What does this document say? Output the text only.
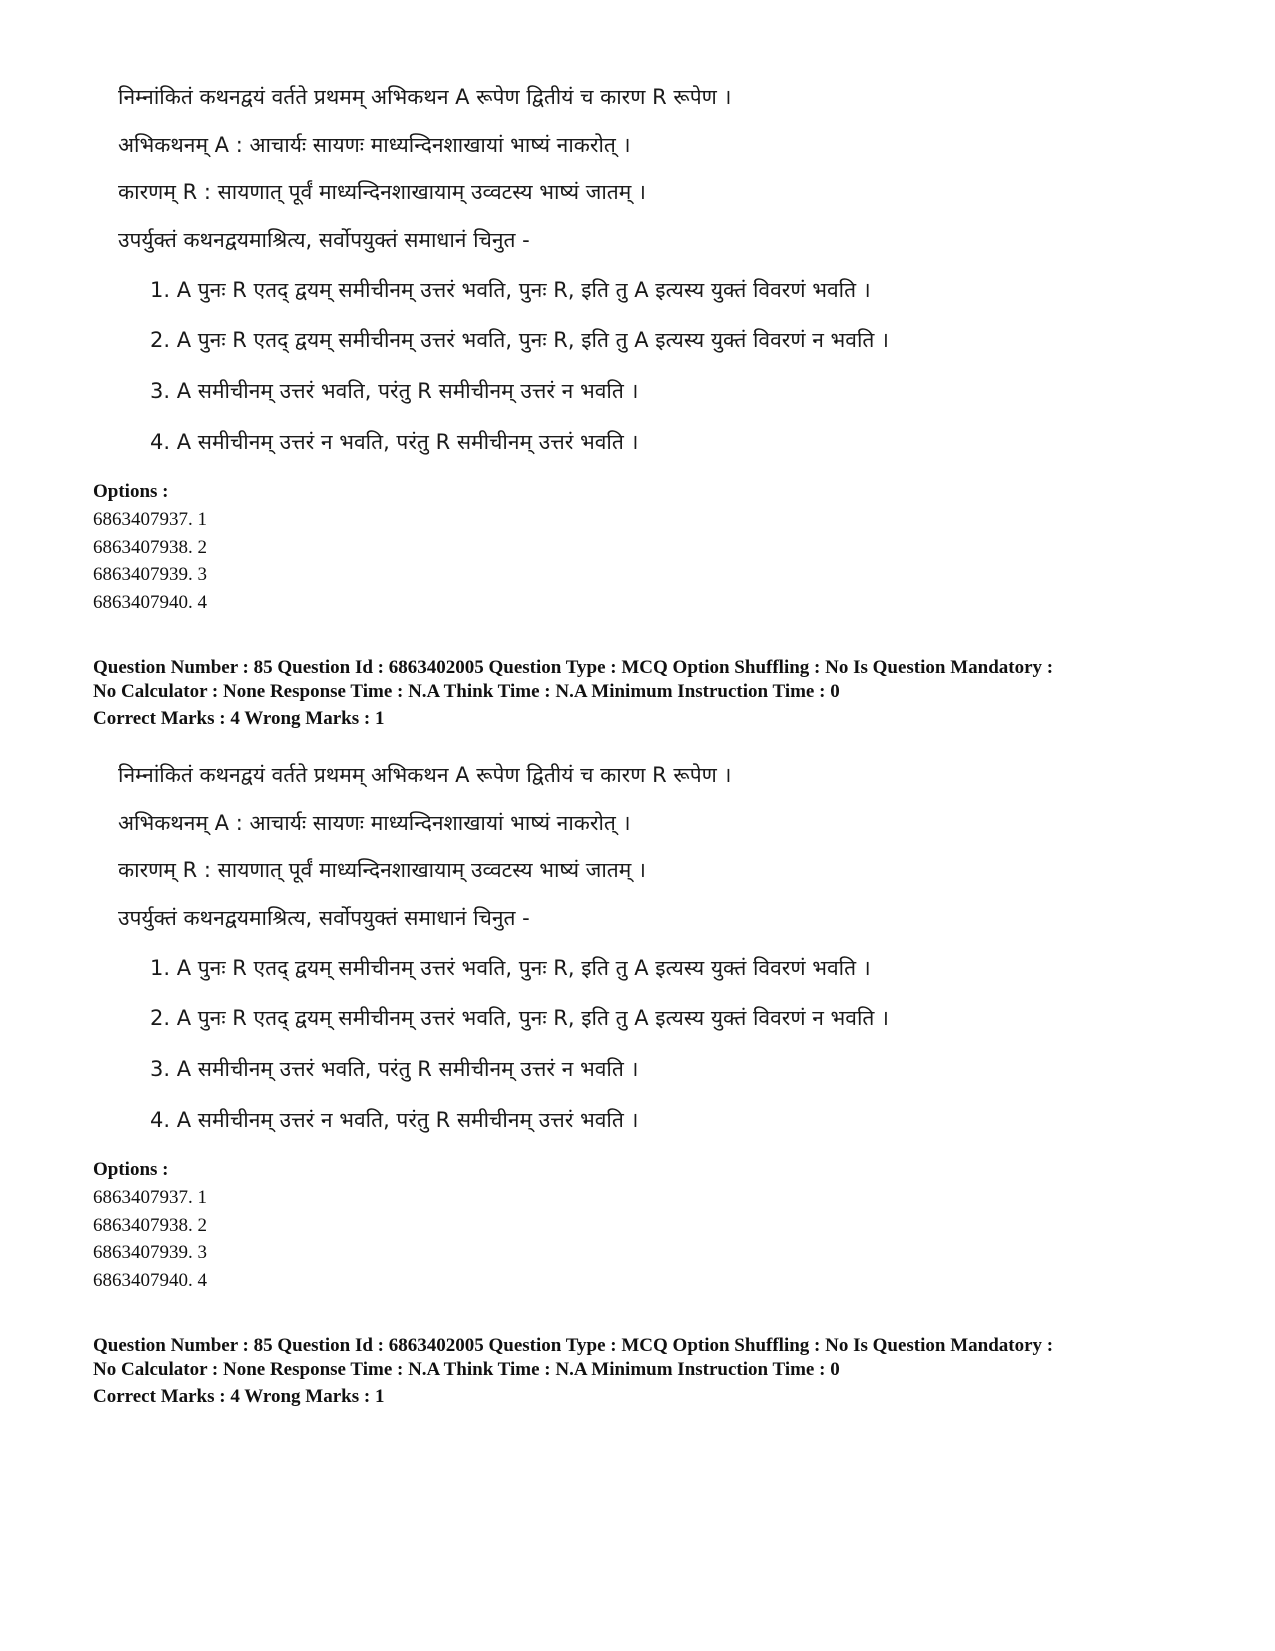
निम्नांकितं कथनद्वयं वर्तते प्रथमम् अभिकथन A रूपेण द्वितीयं च कारण R रूपेण ।
अभिकथनम् A : आचार्यः सायणः माध्यन्दिनशाखायां भाष्यं नाकरोत् ।
कारणम् R : सायणात् पूर्वं माध्यन्दिनशाखायाम् उव्वटस्य भाष्यं जातम् ।
उपर्युक्तं कथनद्वयमाश्रित्य, सर्वोपयुक्तं समाधानं चिनुत -
1. A पुनः R एतद् द्वयम् समीचीनम् उत्तरं भवति, पुनः R, इति तु A इत्यस्य युक्तं विवरणं भवति ।
2. A पुनः R एतद् द्वयम् समीचीनम् उत्तरं भवति, पुनः R, इति तु A इत्यस्य युक्तं विवरणं न भवति ।
3. A समीचीनम् उत्तरं भवति, परंतु R समीचीनम् उत्तरं न भवति ।
4. A समीचीनम् उत्तरं न भवति, परंतु R समीचीनम् उत्तरं भवति ।
Options :
6863407937. 1
6863407938. 2
6863407939. 3
6863407940. 4
Question Number : 85 Question Id : 6863402005 Question Type : MCQ Option Shuffling : No Is Question Mandatory :
No Calculator : None Response Time : N.A Think Time : N.A Minimum Instruction Time : 0
Correct Marks : 4 Wrong Marks : 1
निम्नांकितं कथनद्वयं वर्तते प्रथमम् अभिकथन A रूपेण द्वितीयं च कारण R रूपेण ।
अभिकथनम् A : आचार्यः सायणः माध्यन्दिनशाखायां भाष्यं नाकरोत् ।
कारणम् R : सायणात् पूर्वं माध्यन्दिनशाखायाम् उव्वटस्य भाष्यं जातम् ।
उपर्युक्तं कथनद्वयमाश्रित्य, सर्वोपयुक्तं समाधानं चिनुत -
1. A पुनः R एतद् द्वयम् समीचीनम् उत्तरं भवति, पुनः R, इति तु A इत्यस्य युक्तं विवरणं भवति ।
2. A पुनः R एतद् द्वयम् समीचीनम् उत्तरं भवति, पुनः R, इति तु A इत्यस्य युक्तं विवरणं न भवति ।
3. A समीचीनम् उत्तरं भवति, परंतु R समीचीनम् उत्तरं न भवति ।
4. A समीचीनम् उत्तरं न भवति, परंतु R समीचीनम् उत्तरं भवति ।
Options :
6863407937. 1
6863407938. 2
6863407939. 3
6863407940. 4
Question Number : 85 Question Id : 6863402005 Question Type : MCQ Option Shuffling : No Is Question Mandatory :
No Calculator : None Response Time : N.A Think Time : N.A Minimum Instruction Time : 0
Correct Marks : 4 Wrong Marks : 1
